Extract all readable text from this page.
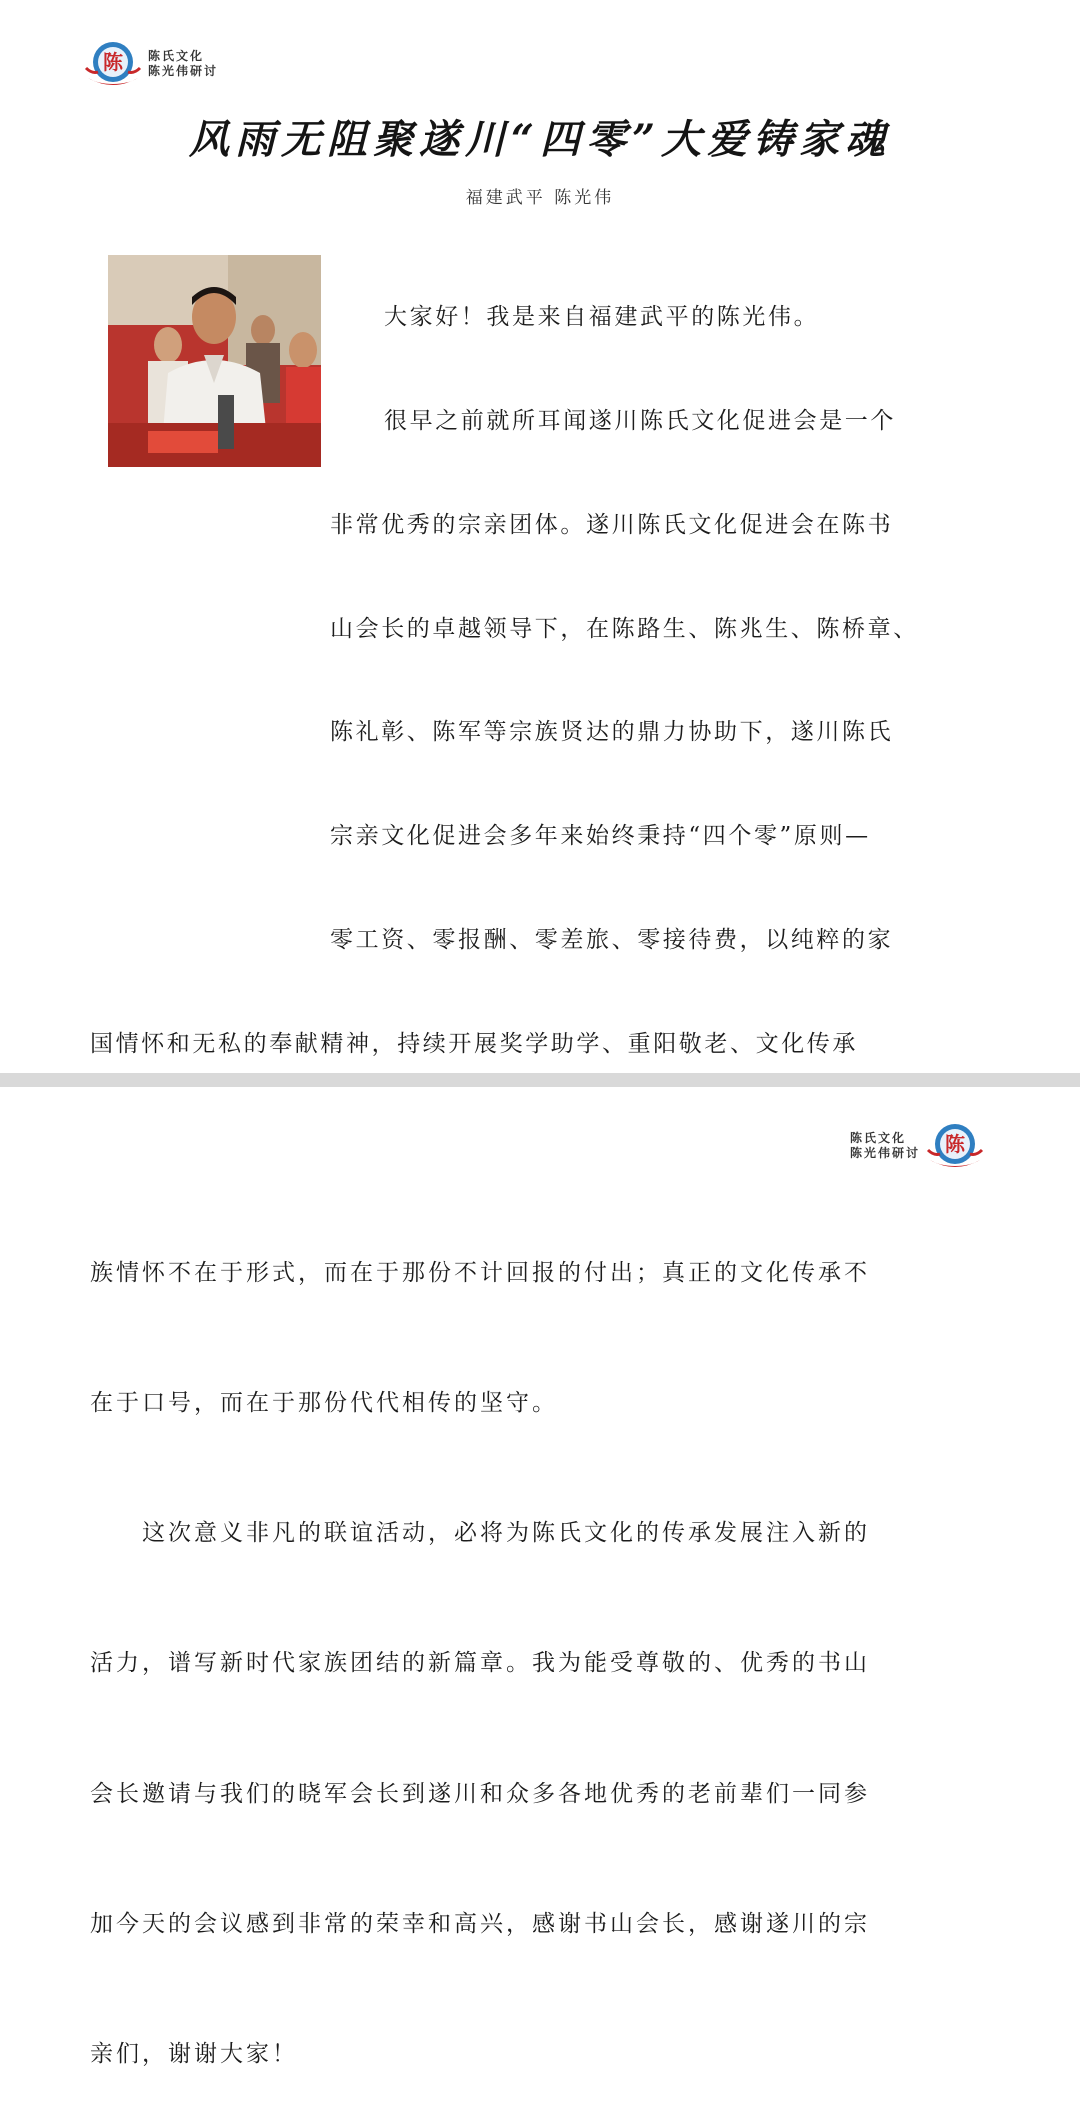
陈 陈氏文化
陈光伟研讨
风雨无阻聚遂川“四零”大爱铸家魂
福建武平 陈光伟

大家好！我是来自福建武平的陈光伟。

很早之前就所耳闻遂川陈氏文化促进会是一个

非常优秀的宗亲团体。遂川陈氏文化促进会在陈书

山会长的卓越领导下，在陈路生、陈兆生、陈桥章、

陈礼彰、陈军等宗族贤达的鼎力协助下，遂川陈氏

宗亲文化促进会多年来始终秉持“四个零”原则—

零工资、零报酬、零差旅、零接待费，以纯粹的家

国情怀和无私的奉献精神，持续开展奖学助学、重阳敬老、文化传承

陈
陈氏文化
陈光伟研讨

族情怀不在于形式，而在于那份不计回报的付出；真正的文化传承不

在于口号，而在于那份代代相传的坚守。

这次意义非凡的联谊活动，必将为陈氏文化的传承发展注入新的

活力，谱写新时代家族团结的新篇章。我为能受尊敬的、优秀的书山

会长邀请与我们的晓军会长到遂川和众多各地优秀的老前辈们一同参

加今天的会议感到非常的荣幸和高兴，感谢书山会长，感谢遂川的宗

亲们，谢谢大家！
